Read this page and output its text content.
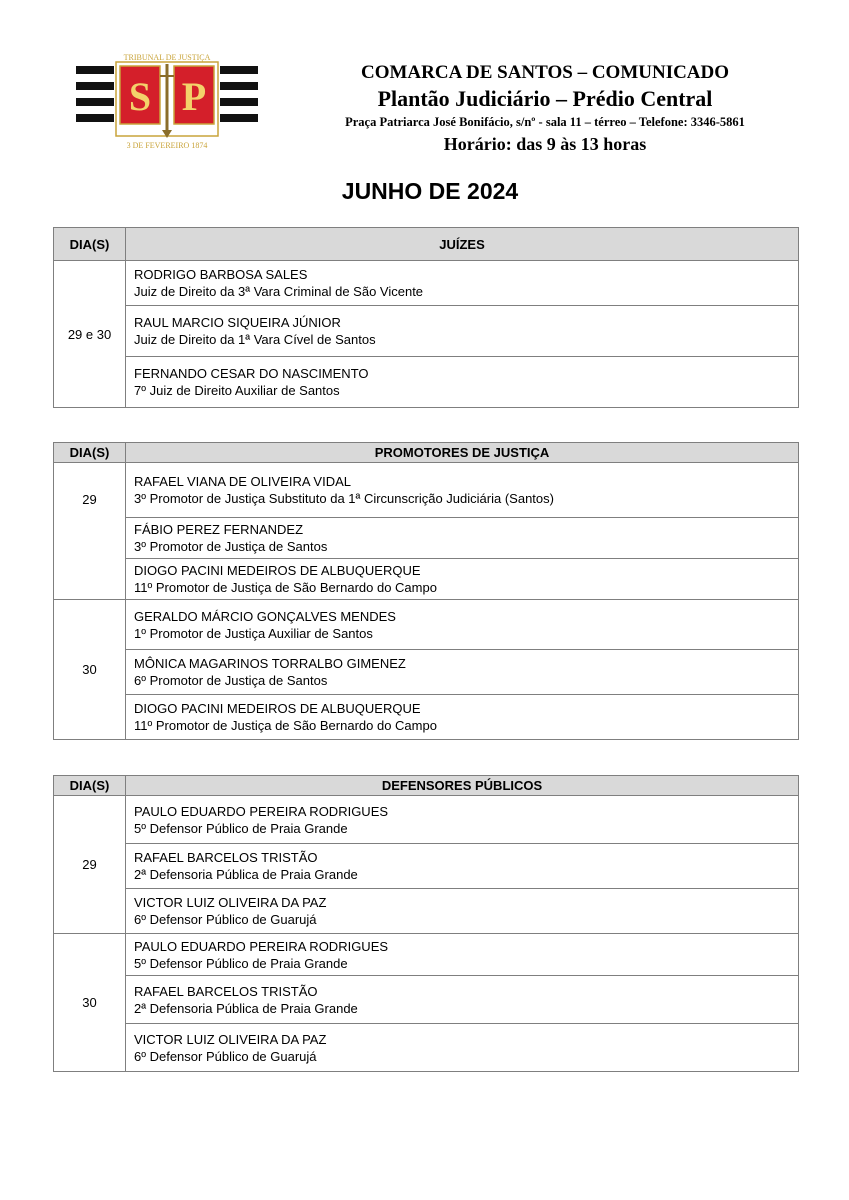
TRIBUNAL DE JUSTIÇA
S P
3 DE FEVEREIRO 1874
COMARCA DE SANTOS – COMUNICADO
Plantão Judiciário – Prédio Central
Praça Patriarca José Bonifácio, s/nº - sala 11 – térreo – Telefone: 3346-5861
Horário: das 9 às 13 horas
JUNHO DE 2024
DIA(S)	JUÍZES
29 e 30	RODRIGO BARBOSA SALES
Juiz de Direito da 3ª Vara Criminal de São Vicente

	RAUL MARCIO SIQUEIRA JÚNIOR
Juiz de Direito da 1ª Vara Cível de Santos

	FERNANDO CESAR DO NASCIMENTO
7º Juiz de Direito Auxiliar de Santos
DIA(S)	PROMOTORES DE JUSTIÇA
29	RAFAEL VIANA DE OLIVEIRA VIDAL
3º Promotor de Justiça Substituto da 1ª Circunscrição Judiciária (Santos)

	FÁBIO PEREZ FERNANDEZ
3º Promotor de Justiça de Santos

	DIOGO PACINI MEDEIROS DE ALBUQUERQUE
11º Promotor de Justiça de São Bernardo do Campo

30	GERALDO MÁRCIO GONÇALVES MENDES
1º Promotor de Justiça Auxiliar de Santos

	MÔNICA MAGARINOS TORRALBO GIMENEZ
6º Promotor de Justiça de Santos

	DIOGO PACINI MEDEIROS DE ALBUQUERQUE
11º Promotor de Justiça de São Bernardo do Campo
DIA(S)	DEFENSORES PÚBLICOS
29	PAULO EDUARDO PEREIRA RODRIGUES
5º Defensor Público de Praia Grande

	RAFAEL BARCELOS TRISTÃO
2ª Defensoria Pública de Praia Grande

	VICTOR LUIZ OLIVEIRA DA PAZ
6º Defensor Público de Guarujá

30	PAULO EDUARDO PEREIRA RODRIGUES
5º Defensor Público de Praia Grande

	RAFAEL BARCELOS TRISTÃO
2ª Defensoria Pública de Praia Grande

	VICTOR LUIZ OLIVEIRA DA PAZ
6º Defensor Público de Guarujá
